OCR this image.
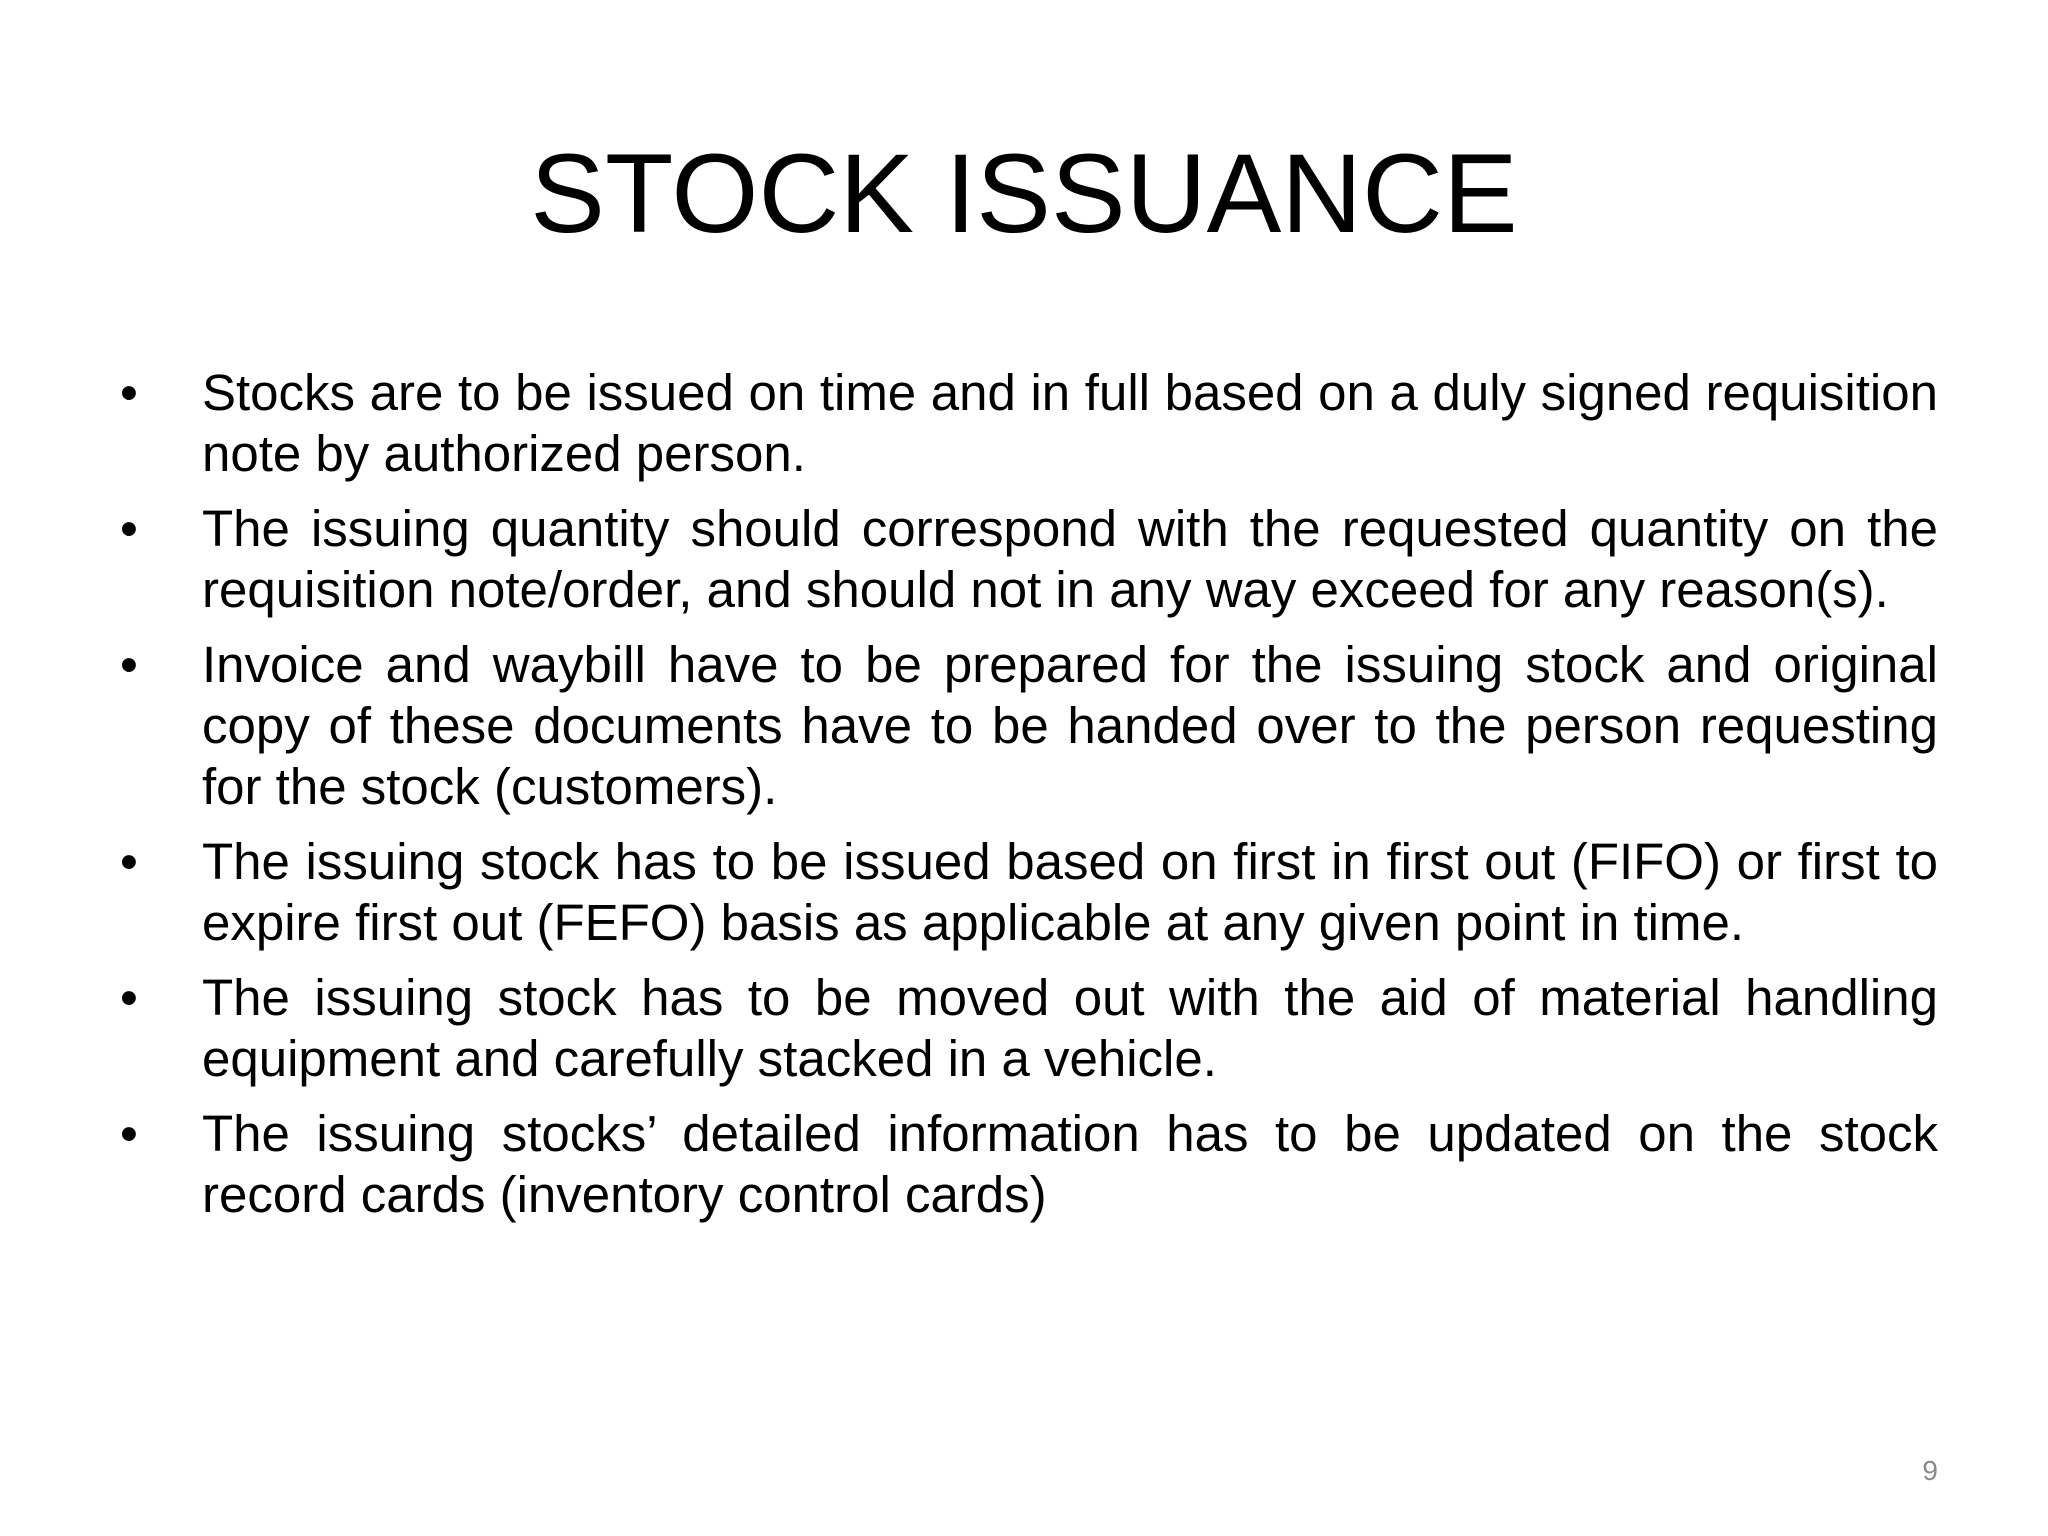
STOCK ISSUANCE
•	Stocks are to be issued on time and in full based on a duly signed requisition note by authorized person.
•	The issuing quantity should correspond with the requested quantity on the requisition note/order, and should not in any way exceed for any reason(s).
•	Invoice and waybill have to be prepared for the issuing stock and original copy of these documents have to be handed over to the person requesting for the stock (customers).
•	The issuing stock has to be issued based on first in first out (FIFO) or first to expire first out (FEFO) basis as applicable at any given point in time.
•	The issuing stock has to be moved out with the aid of material handling equipment and carefully stacked in a vehicle.
•	The issuing stocks’ detailed information has to be updated on the stock record cards (inventory control cards)
9
